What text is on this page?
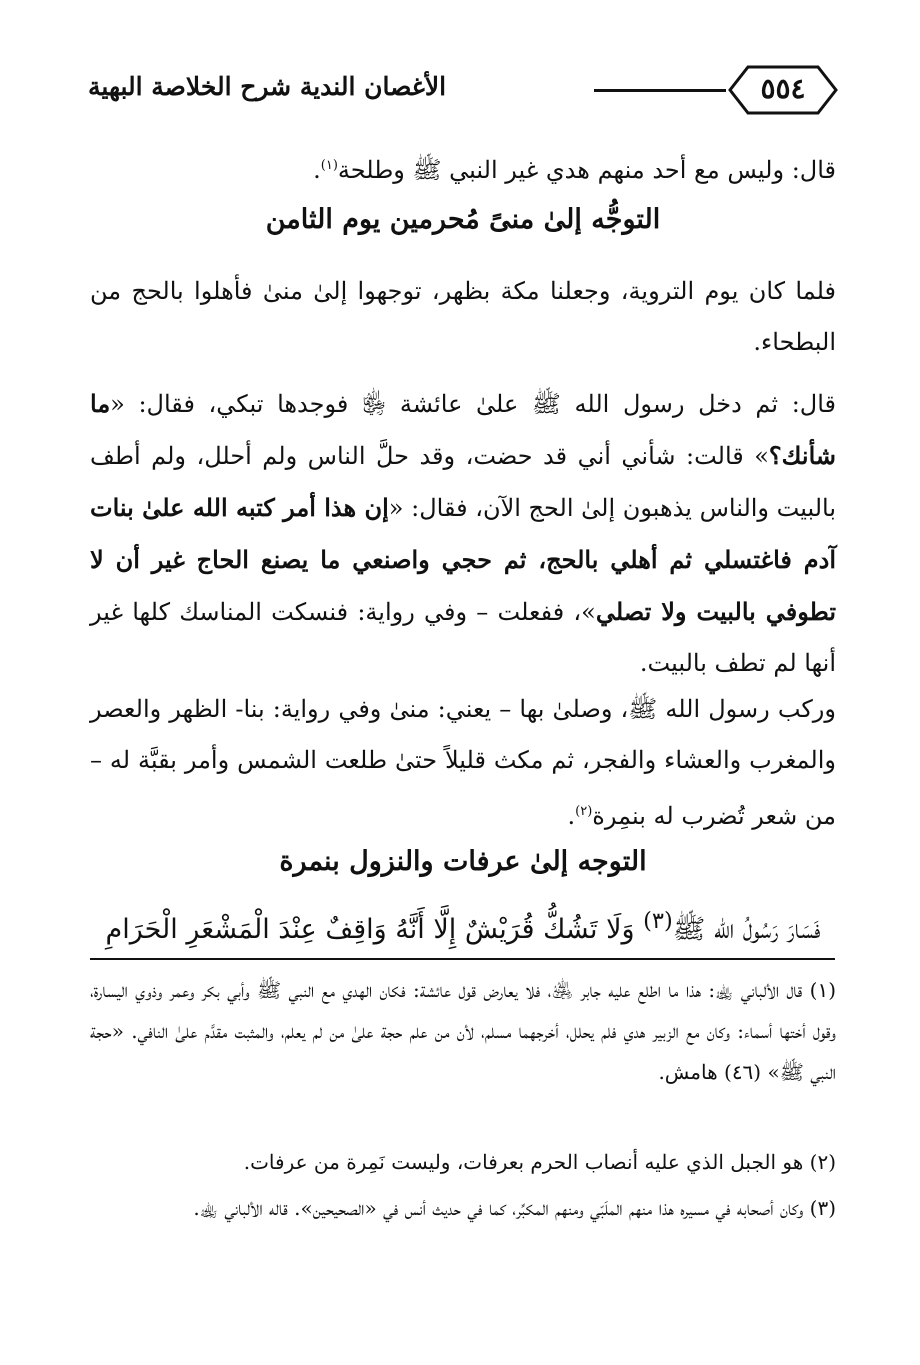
٥٥٤
الأغصان الندية شرح الخلاصة البهية
قال: وليس مع أحد منهم هدي غير النبي ﷺ وطلحة$^{(١)}$.
التوجُّه إلىٰ منىً مُحرمين يوم الثامن
فلما كان يوم التروية، وجعلنا مكة بظهر، توجهوا إلىٰ منىٰ فأهلوا بالحج من البطحاء.
قال: ثم دخل رسول الله ﷺ علىٰ عائشة ﵂ فوجدها تبكي، فقال: «ما شأنك؟» قالت: شأني أني قد حضت، وقد حلَّ الناس ولم أحلل، ولم أطف بالبيت والناس يذهبون إلىٰ الحج الآن، فقال: «إن هذا أمر كتبه الله علىٰ بنات آدم فاغتسلي ثم أهلي بالحج، ثم حجي واصنعي ما يصنع الحاج غير أن لا تطوفي بالبيت ولا تصلي»، ففعلت – وفي رواية: فنسكت المناسك كلها غير أنها لم تطف بالبيت.
وركب رسول الله ﷺ، وصلىٰ بها – يعني: منىٰ وفي رواية: بنا- الظهر والعصر والمغرب والعشاء والفجر، ثم مكث قليلاً حتىٰ طلعت الشمس وأمر بقبَّة له – من شعر تُضرب له بنمِرة$^{(٢)}$.
التوجه إلىٰ عرفات والنزول بنمرة
فَسَارَ رَسُولُ الله ﷺ$^{(٣)}$ وَلَا تَشُكُّ قُرَيْشٌ إِلَّا أَنَّهُ وَاقِفٌ عِنْدَ الْمَشْعَرِ الْحَرَامِ
(١) قال الألباني ﵀: هذا ما اطلع عليه جابر ﵁، فلا يعارض قول عائشة: فكان الهدي مع النبي ﷺ وأبي بكر وعمر وذوي اليسارة، وقول أختها أسماء: وكان مع الزبير هدي فلم يحلل، أخرجهما مسلم، لأن من علم حجة علىٰ من لم يعلم، والمثبت مقدَّم علىٰ النافي. «حجة النبي ﷺ» (٤٦) هامش.
(٢) هو الجبل الذي عليه أنصاب الحرم بعرفات، وليست نَمِرة من عرفات.
(٣) وكان أصحابه في مسيره هذا منهم الملَبّي ومنهم المكبِّر، كما في حديث أنس في «الصحيحين». قاله الألباني ﵀.
